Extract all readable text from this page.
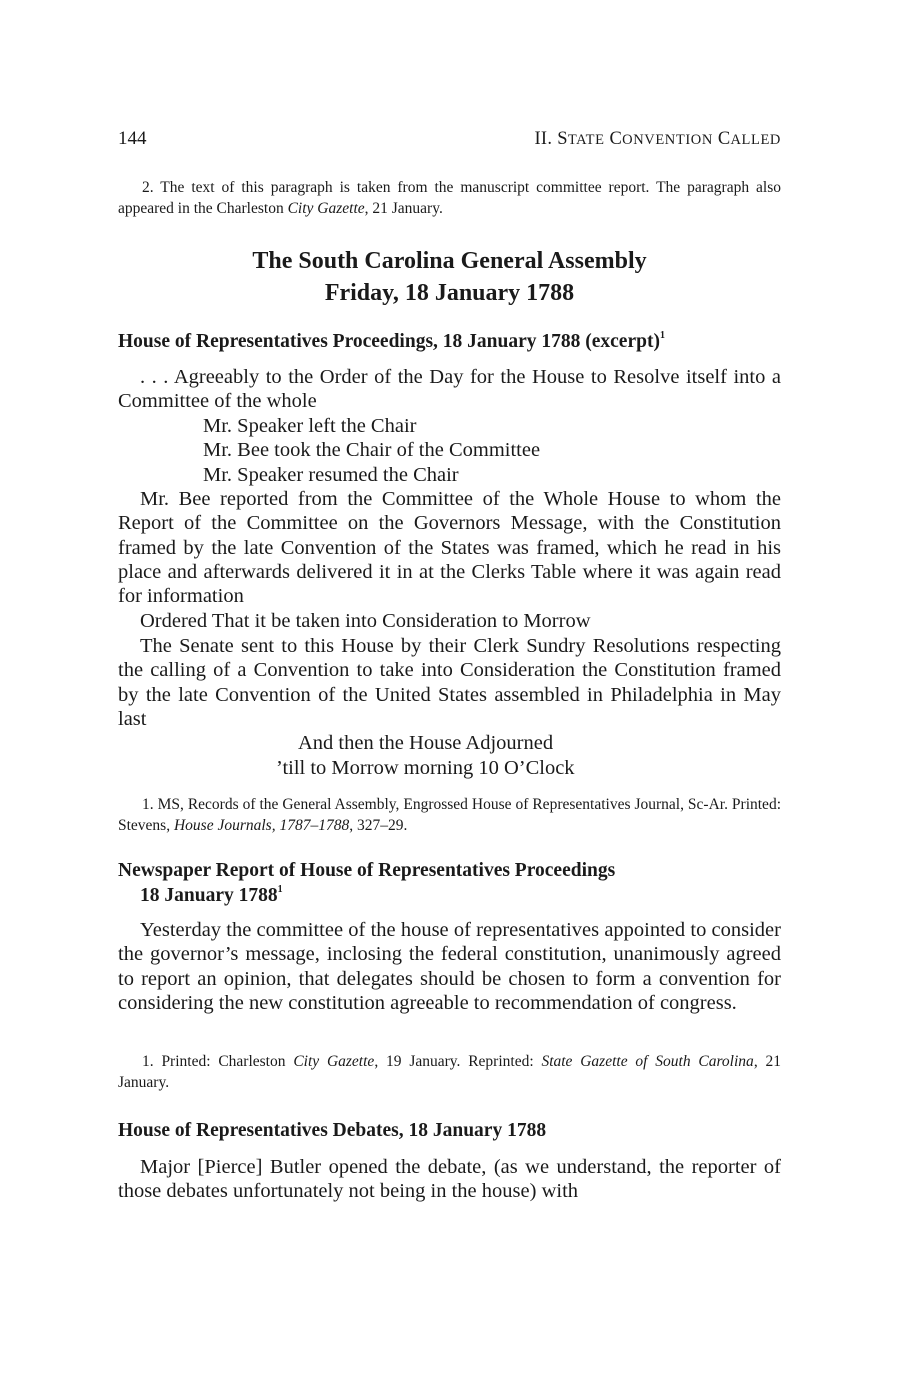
144	II. STATE CONVENTION CALLED
2. The text of this paragraph is taken from the manuscript committee report. The paragraph also appeared in the Charleston City Gazette, 21 January.
The South Carolina General Assembly
Friday, 18 January 1788
House of Representatives Proceedings, 18 January 1788 (excerpt)$^1$
. . . Agreeably to the Order of the Day for the House to Resolve itself into a Committee of the whole
Mr. Speaker left the Chair
Mr. Bee took the Chair of the Committee
Mr. Speaker resumed the Chair
Mr. Bee reported from the Committee of the Whole House to whom the Report of the Committee on the Governors Message, with the Constitution framed by the late Convention of the States was framed, which he read in his place and afterwards delivered it in at the Clerks Table where it was again read for information
Ordered That it be taken into Consideration to Morrow
The Senate sent to this House by their Clerk Sundry Resolutions respecting the calling of a Convention to take into Consideration the Constitution framed by the late Convention of the United States assembled in Philadelphia in May last
And then the House Adjourned
’till to Morrow morning 10 O’Clock
1. MS, Records of the General Assembly, Engrossed House of Representatives Journal, Sc-Ar. Printed: Stevens, House Journals, 1787–1788, 327–29.
Newspaper Report of House of Representatives Proceedings
18 January 1788$^1$
Yesterday the committee of the house of representatives appointed to consider the governor’s message, inclosing the federal constitution, unanimously agreed to report an opinion, that delegates should be chosen to form a convention for considering the new constitution agreeable to recommendation of congress.
1. Printed: Charleston City Gazette, 19 January. Reprinted: State Gazette of South Carolina, 21 January.
House of Representatives Debates, 18 January 1788
Major [Pierce] Butler opened the debate, (as we understand, the reporter of those debates unfortunately not being in the house) with
